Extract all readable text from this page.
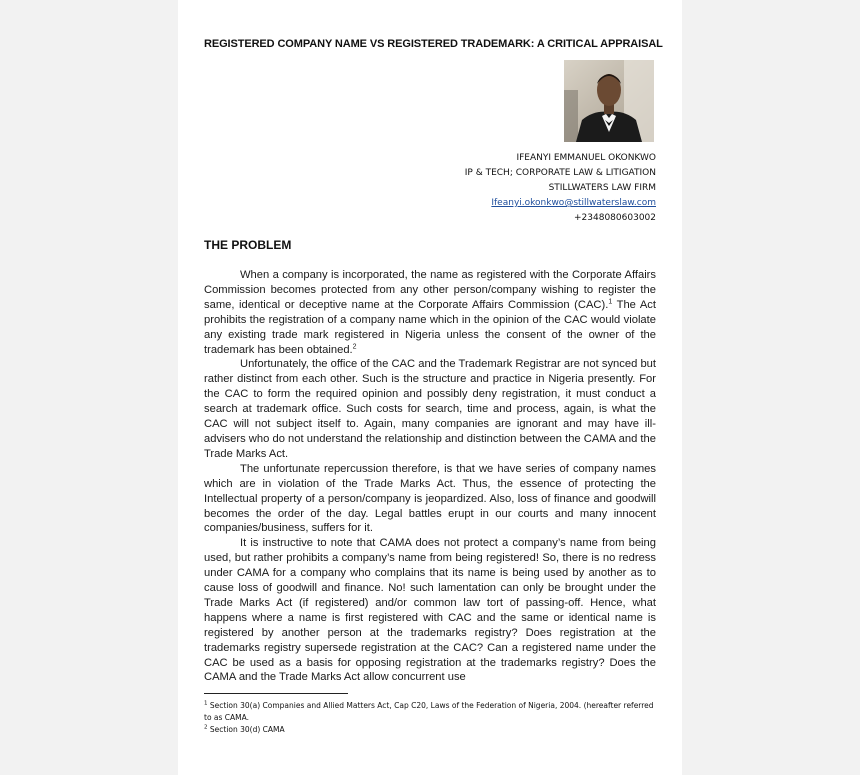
REGISTERED COMPANY NAME VS REGISTERED TRADEMARK: A CRITICAL APPRAISAL
IFEANYI EMMANUEL OKONKWO
IP & TECH; CORPORATE LAW & LITIGATION
STILLWATERS LAW FIRM
Ifeanyi.okonkwo@stillwaterslaw.com
+2348080603002
THE PROBLEM

When a company is incorporated, the name as registered with the Corporate Affairs Commission becomes protected from any other person/company wishing to register the same, identical or deceptive name at the Corporate Affairs Commission (CAC).$^1$ The Act prohibits the registration of a company name which in the opinion of the CAC would violate any existing trade mark registered in Nigeria unless the consent of the owner of the trademark has been obtained.$^2$

Unfortunately, the office of the CAC and the Trademark Registrar are not synced but rather distinct from each other. Such is the structure and practice in Nigeria presently. For the CAC to form the required opinion and possibly deny registration, it must conduct a search at trademark office. Such costs for search, time and process, again, is what the CAC will not subject itself to. Again, many companies are ignorant and may have ill-advisers who do not understand the relationship and distinction between the CAMA and the Trade Marks Act.

The unfortunate repercussion therefore, is that we have series of company names which are in violation of the Trade Marks Act. Thus, the essence of protecting the Intellectual property of a person/company is jeopardized. Also, loss of finance and goodwill becomes the order of the day. Legal battles erupt in our courts and many innocent companies/business, suffers for it.

It is instructive to note that CAMA does not protect a company’s name from being used, but rather prohibits a company’s name from being registered! So, there is no redress under CAMA for a company who complains that its name is being used by another as to cause loss of goodwill and finance. No! such lamentation can only be brought under the Trade Marks Act (if registered) and/or common law tort of passing-off. Hence, what happens where a name is first registered with CAC and the same or identical name is registered by another person at the trademarks registry? Does registration at the trademarks registry supersede registration at the CAC? Can a registered name under the CAC be used as a basis for opposing registration at the trademarks registry? Does the CAMA and the Trade Marks Act allow concurrent use

$^1$ Section 30(a) Companies and Allied Matters Act, Cap C20, Laws of the Federation of Nigeria, 2004. (hereafter referred to as CAMA.
$^2$ Section 30(d) CAMA
